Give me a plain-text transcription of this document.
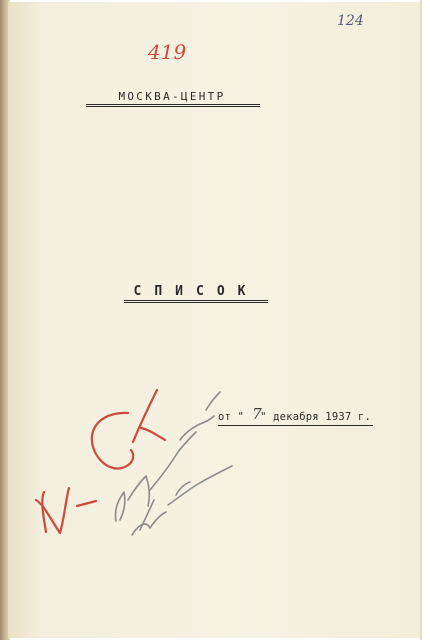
124
419
МОСКВА-ЦЕНТР
СПИСОК
от " " декабря 1937 г.
7
